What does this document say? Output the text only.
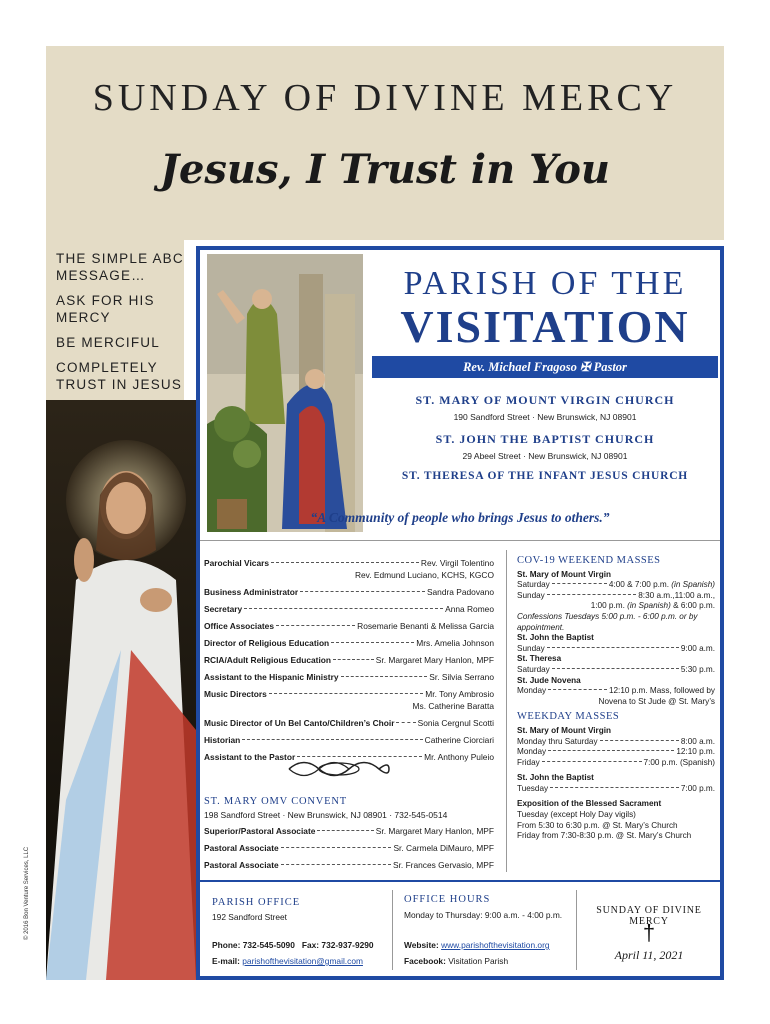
SUNDAY OF DIVINE MERCY
Jesus, I Trust in You
THE SIMPLE ABC MESSAGE…
ASK FOR HIS MERCY
BE MERCIFUL
COMPLETELY TRUST IN JESUS
© 2016 Bon Venture Services, LLC
PARISH OF THE
VISITATION
Rev. Michael Fragoso ✠ Pastor
ST. MARY OF MOUNT VIRGIN CHURCH
190 Sandford Street · New Brunswick, NJ 08901
ST. JOHN THE BAPTIST CHURCH
29 Abeel Street · New Brunswick, NJ 08901
ST. THERESA OF THE INFANT JESUS CHURCH
“A Community of people who brings Jesus to others.”
Parochial Vicars	Rev. Virgil Tolentino
Rev. Edmund Luciano, KCHS, KGCO
Business Administrator	Sandra Padovano
Secretary	Anna Romeo
Office Associates	Rosemarie Benanti & Melissa Garcia
Director of Religious Education	Mrs. Amelia Johnson
RCIA/Adult Religious Education	Sr. Margaret Mary Hanlon, MPF
Assistant to the Hispanic Ministry	Sr. Silvia Serrano
Music Directors	Mr. Tony Ambrosio
Ms. Catherine Baratta
Music Director of Un Bel Canto/Children’s Choir	Sonia Cergnul Scotti
Historian	Catherine Ciorciari
Assistant to the Pastor	Mr. Anthony Puleio
ST. MARY OMV CONVENT
198 Sandford Street · New Brunswick, NJ 08901 · 732-545-0514
Superior/Pastoral Associate	Sr. Margaret Mary Hanlon, MPF
Pastoral Associate	Sr. Carmela DiMauro, MPF
Pastoral Associate	Sr. Frances Gervasio, MPF
COV-19 WEEKEND MASSES
St. Mary of Mount Virgin
Saturday	4:00 & 7:00 p.m.
(in Spanish)
Sunday	8:30 a.m.,11:00 a.m.,
1:00 p.m. (in Spanish) & 6:00 p.m.
Confessions Tuesdays 5:00 p.m. - 6:00 p.m. or by appointment.
St. John the Baptist
Sunday	9:00 a.m.
St. Theresa
Saturday	5:30 p.m.
St. Jude Novena
Monday	12:10 p.m. Mass, followed by
Novena to St Jude @ St. Mary’s
WEEKDAY MASSES
St. Mary of Mount Virgin
Monday thru Saturday	8:00 a.m.
Monday	12:10 p.m.
Friday	7:00 p.m. (Spanish)
St. John the Baptist
Tuesday	7:00 p.m.
Exposition of the Blessed Sacrament
Tuesday (except Holy Day vigils)
From 5:30 to 6:30 p.m. @ St. Mary’s Church
Friday from 7:30-8:30 p.m. @ St. Mary’s Church
PARISH OFFICE
192 Sandford Street
Phone: 732-545-5090 Fax: 732-937-9290
E-mail: parishofthevisitation@gmail.com
OFFICE HOURS
Monday to Thursday: 9:00 a.m. - 4:00 p.m.
Website: www.parishofthevisitation.org
Facebook: Visitation Parish
SUNDAY OF DIVINE MERCY
†
April 11, 2021
